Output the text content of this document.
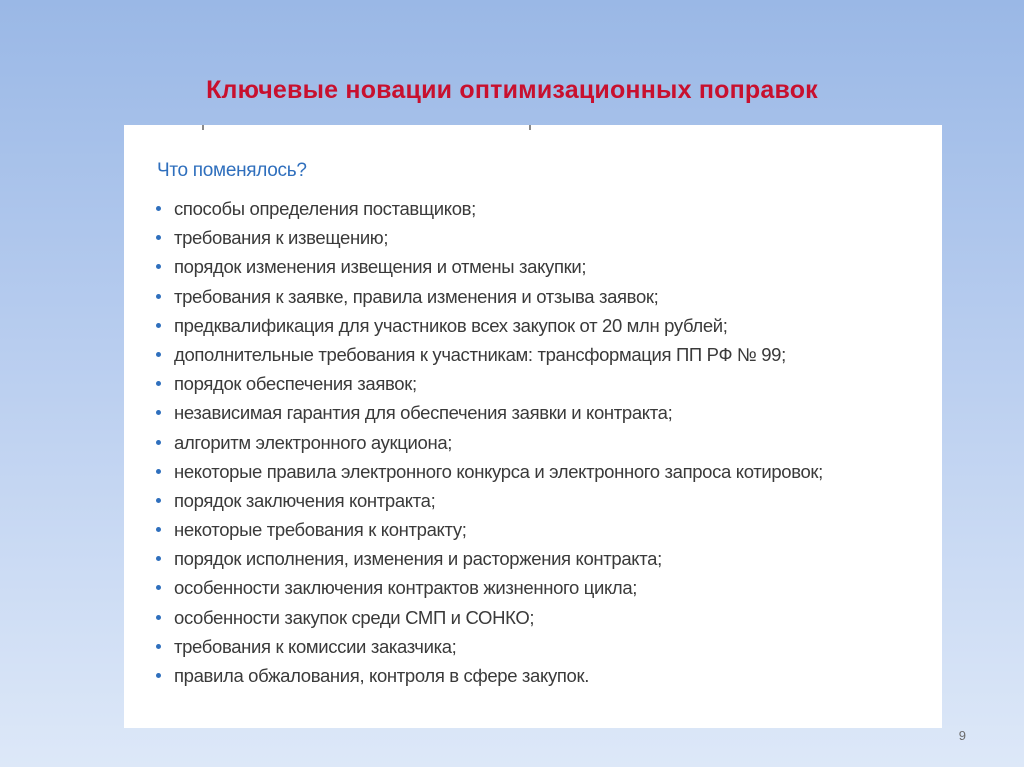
Ключевые новации оптимизационных поправок
Что поменялось?
способы определения поставщиков;
требования к извещению;
порядок изменения извещения и отмены закупки;
требования к заявке, правила изменения и отзыва заявок;
предквалификация для участников всех закупок от 20 млн рублей;
дополнительные требования к участникам: трансформация ПП РФ № 99;
порядок обеспечения заявок;
независимая гарантия для обеспечения заявки и контракта;
алгоритм электронного аукциона;
некоторые правила электронного конкурса и электронного запроса котировок;
порядок заключения контракта;
некоторые требования к контракту;
порядок исполнения, изменения и расторжения контракта;
особенности заключения контрактов жизненного цикла;
особенности закупок среди СМП и СОНКО;
требования к комиссии заказчика;
правила обжалования, контроля в сфере закупок.
9
